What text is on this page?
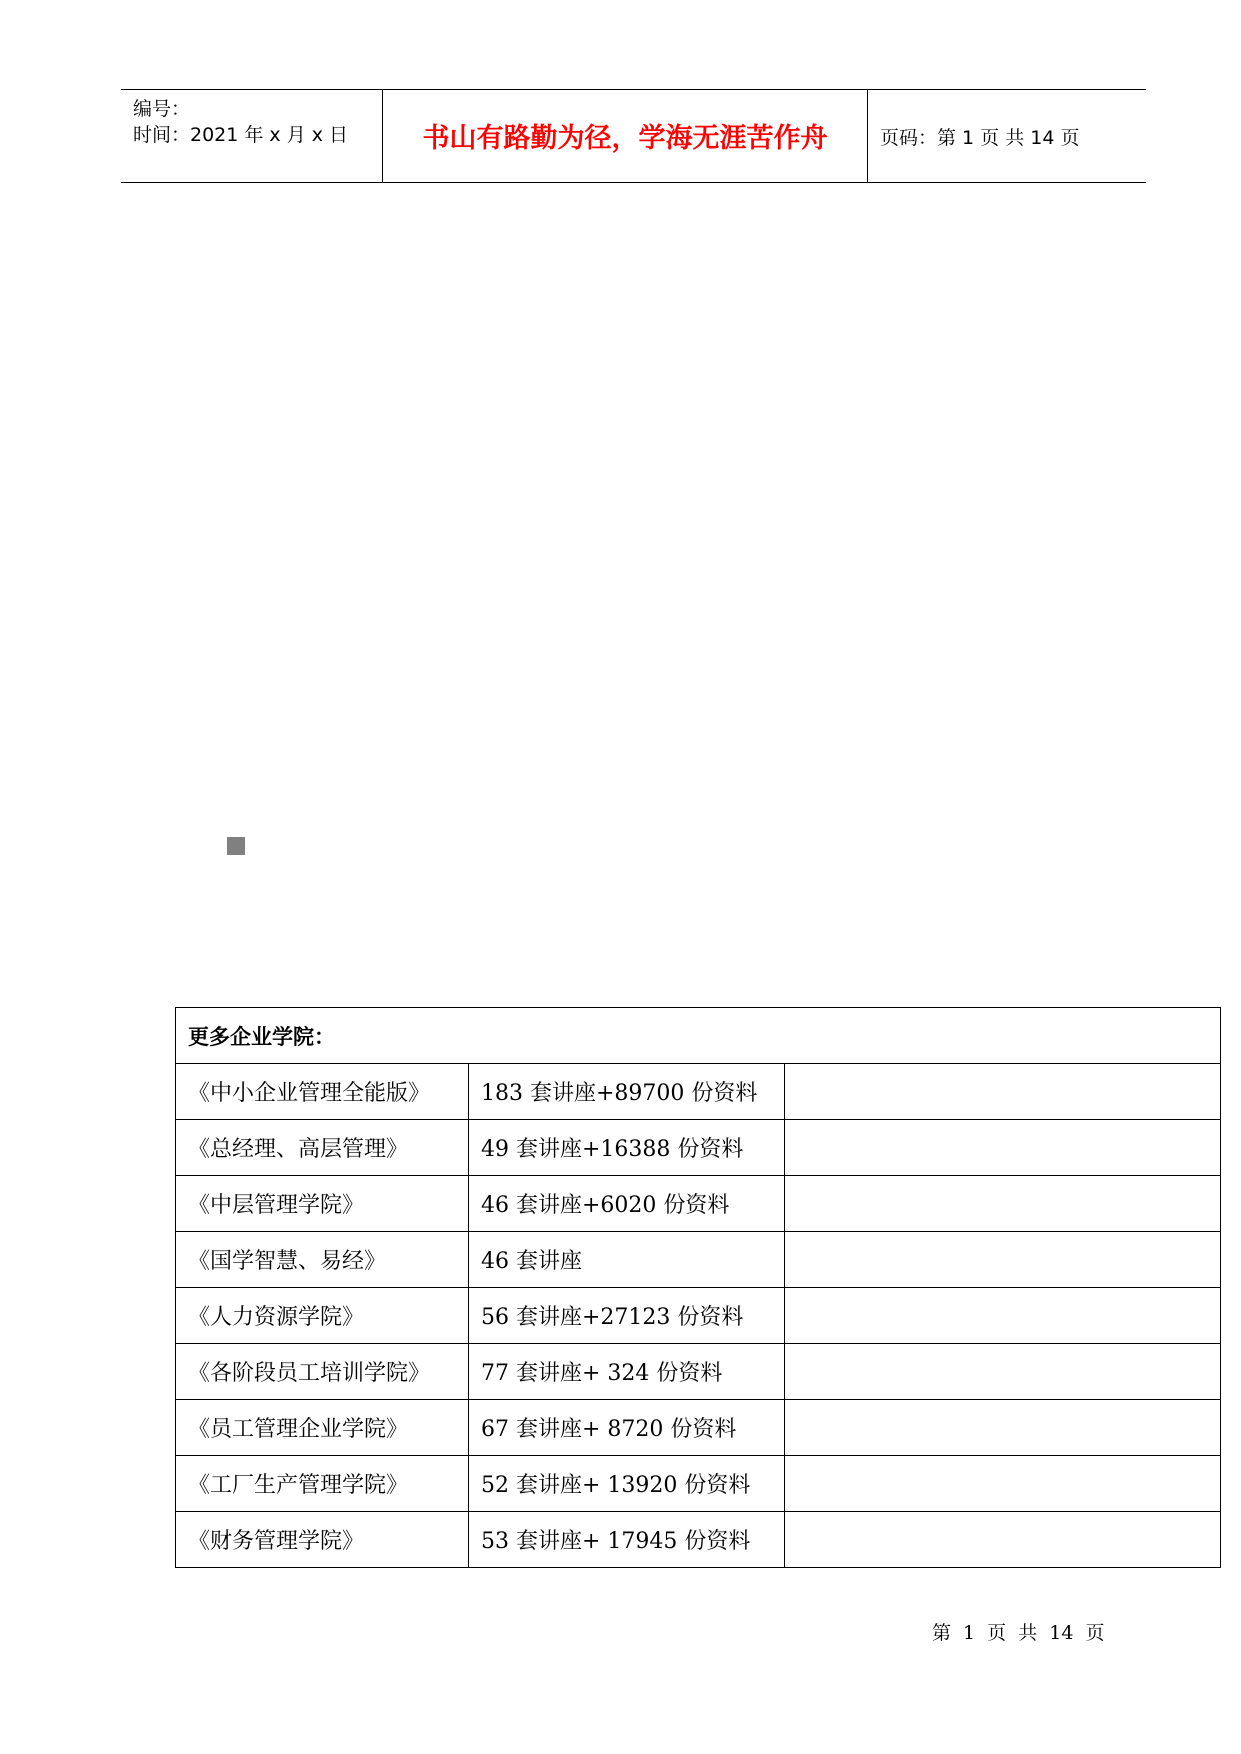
编号：
时间：2021 年 x 月 x 日	书山有路勤为径，学海无涯苦作舟	页码：第 1 页 共 14 页
更多企业学院：		
《中小企业管理全能版》	183 套讲座+89700 份资料	
《总经理、高层管理》	49 套讲座+16388 份资料	
《中层管理学院》	46 套讲座+6020 份资料	
《国学智慧、易经》	46 套讲座	
《人力资源学院》	56 套讲座+27123 份资料	
《各阶段员工培训学院》	77 套讲座+ 324 份资料	
《员工管理企业学院》	67 套讲座+ 8720 份资料	
《工厂生产管理学院》	52 套讲座+ 13920 份资料	
《财务管理学院》	53 套讲座+ 17945 份资料	
第 1 页 共 14 页
